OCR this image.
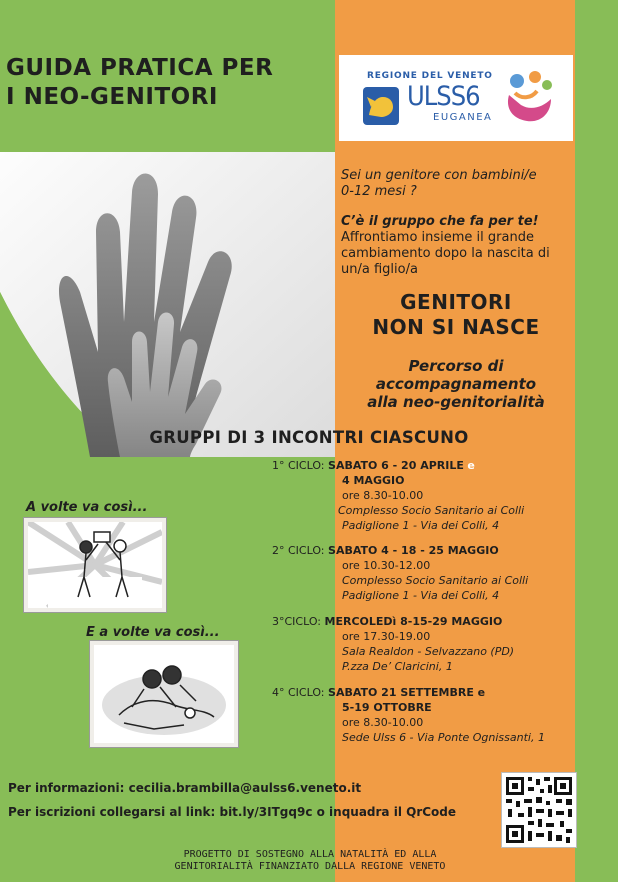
GUIDA PRATICA PER
I NEO-GENITORI
REGIONE DEL VENETO
ULSS6
EUGANEA

Sei un genitore con bambini/e
0-12 mesi ?

C’è il gruppo che fa per te!

Affrontiamo insieme il grande
cambiamento dopo la nascita di
un/a figlio/a

GENITORI
NON SI NASCE
Percorso di
accompagnamento
alla neo-genitorialità
GRUPPI DI 3 INCONTRI CIASCUNO
1° CICLO: SABATO 6 - 20 APRILE e
4 MAGGIO
ore 8.30-10.00
Complesso Socio Sanitario ai Colli
Padiglione 1 - Via dei Colli, 4
2° CICLO: SABATO 4 - 18 - 25 MAGGIO
ore 10.30-12.00
Complesso Socio Sanitario ai Colli
Padiglione 1 - Via dei Colli, 4
3°CICLO: MERCOLEDì 8-15-29 MAGGIO
ore 17.30-19.00
Sala Realdon - Selvazzano (PD)
P.zza De’ Claricini, 1
4° CICLO: SABATO 21 SETTEMBRE e
5-19 OTTOBRE
ore 8.30-10.00
Sede Ulss 6 - Via Ponte Ognissanti, 1
A volte va così...
E a volte va così...
Per informazioni: cecilia.brambilla@aulss6.veneto.it
Per iscrizioni collegarsi al link: bit.ly/3ITgq9c o inquadra il QrCode
PROGETTO DI SOSTEGNO ALLA NATALITÀ ED ALLA
GENITORIALITÀ FINANZIATO DALLA REGIONE VENETO
